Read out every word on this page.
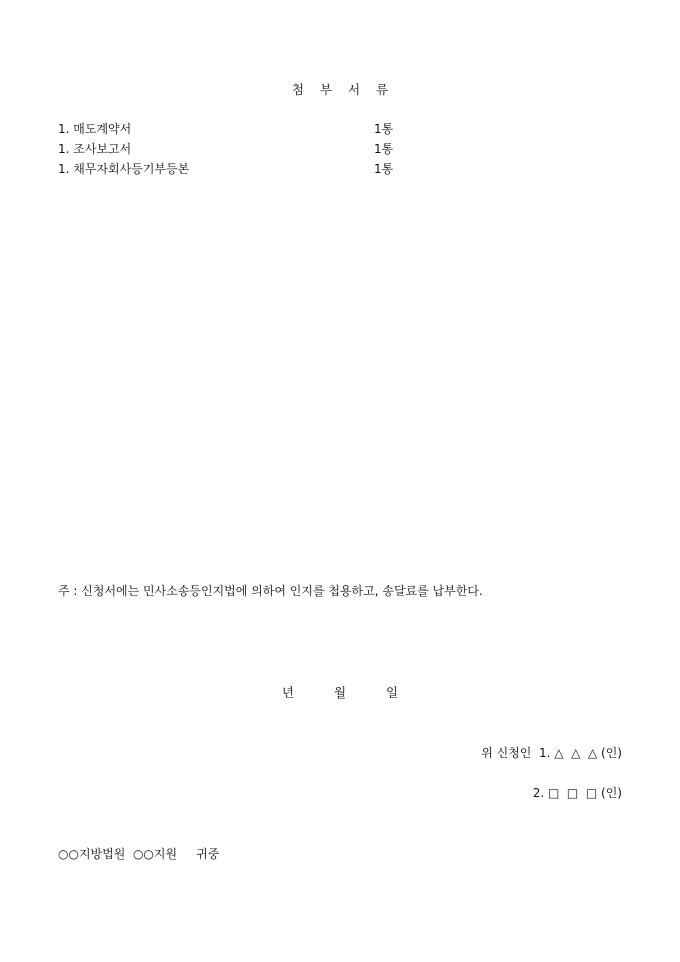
첨 부 서 류
1. 매도계약서	1통
1. 조사보고서	1통
1. 채무자회사등기부등본	1통
주 : 신청서에는 민사소송등인지법에 의하여 인지를 첩용하고, 송달료를 납부한다.
년	월	일
위 신청인  1. △  △  △ (인)
2. □  □  □ (인)
○○지방법원  ○○지원     귀중
